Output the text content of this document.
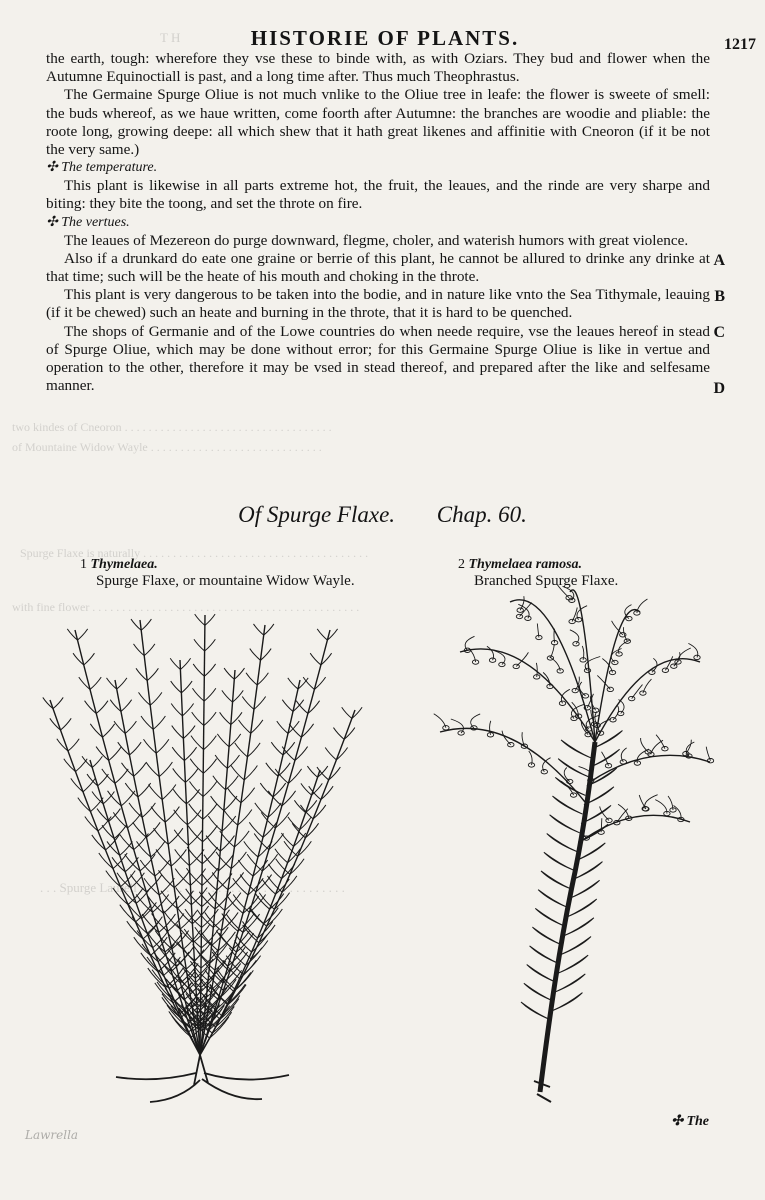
T H
two kindes of Cneoron . . . . . . . . . . . . . . . . . . . . . . . . . . . . . . . . . . .
of Mountaine Widow Wayle . . . . . . . . . . . . . . . . . . . . . . . . . . . . .
Spurge Flaxe is naturally . . . . . . . . . . . . . . . . . . . . . . . . . . . . . . . . . . . . . .
with fine flower . . . . . . . . . . . . . . . . . . . . . . . . . . . . . . . . . . . . . . . . . . . . .
. . . Spurge Laurell . . . . . . . . . . . . . . . . . . . . . . . . . . . . . . . .
HISTORIE OF PLANTS.	1217

the earth, tough: wherefore they vse these to binde with, as with Oziars. They bud and flower when the Autumne Equinoctiall is past, and a long time after. Thus much Theophrastus.

The Germaine Spurge Oliue is not much vnlike to the Oliue tree in leafe: the flower is sweete of smell: the buds whereof, as we haue written, come foorth after Autumne: the branches are woodie and pliable: the roote long, growing deepe: all which shew that it hath great likenes and affinitie with Cneoron (if it be not the very same.)

✣ The temperature.

This plant is likewise in all parts extreme hot, the fruit, the leaues, and the rinde are very sharpe and biting: they bite the toong, and set the throte on fire.

✣ The vertues.

The leaues of Mezereon do purge downward, flegme, choler, and waterish humors with great violence.

Also if a drunkard do eate one graine or berrie of this plant, he cannot be allured to drinke any drinke at that time; such will be the heate of his mouth and choking in the throte.

This plant is very dangerous to be taken into the bodie, and in nature like vnto the Sea Tithymale, leauing (if it be chewed) such an heate and burning in the throte, that it is hard to be quenched.

The shops of Germanie and of the Lowe countries do when neede require, vse the leaues hereof in stead of Spurge Oliue, which may be done without error; for this Germaine Spurge Oliue is like in vertue and operation to the other, therefore it may be vsed in stead thereof, and prepared after the like and selfesame manner.

A
B
C
D
Of Spurge Flaxe. Chap. 60.
1 Thymelaea.
Spurge Flaxe, or mountaine Widow Wayle.
2 Thymelaea ramosa.
Branched Spurge Flaxe.
✣ The
Lawrella
